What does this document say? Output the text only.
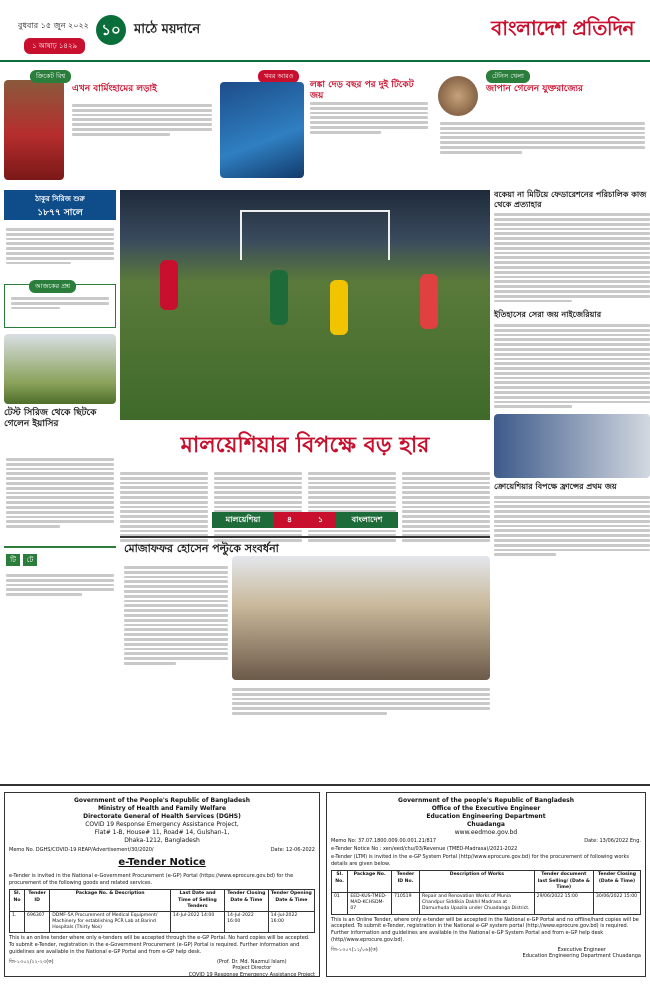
বুধবার ১৫ জুন ২০২২
১ আষাঢ় ১৪২৯
১০	মাঠে ময়দানে	বাংলাদেশ প্রতিদিন
ক্রিকেট বিশ্ব
এখন বার্মিংহামের লড়াই
খবর আরও
লঙ্কা দেড় বছর পর দুই টিকেট জয়
টেনিস খেলা
জাপান গেলেন যুক্তরাজ্যের
ঠাকুর সিরিজ শুরু
১৮৭৭ সালে
আজকের প্রশ্ন
টেস্ট সিরিজ থেকে ছিটকে গেলেন ইয়াসির
টি	টে
বকেয়া না মিটিয়ে ফেডারেশনের পরিচালিক কাজ থেকে প্রত্যাহার
ইতিহাসের সেরা জয় নাইজেরিয়ার
ক্রোয়েশিয়ার বিপক্ষে ফ্রান্সের প্রথম জয়
মালয়েশিয়ার বিপক্ষে বড় হার
মালয়েশিয়া	৪	১	বাংলাদেশ
মোজাফফর হোসেন পল্টুকে সংবর্ধনা
Government of the People's Republic of Bangladesh
Ministry of Health and Family Welfare
Directorate General of Health Services (DGHS)
COVID 19 Response Emergency Assistance Project,
Flat# 1-B, House# 11, Road# 14, Gulshan-1,
Dhaka-1212, Bangladesh
Memo No. DGHS/COVID-19 REAP/Advertisement/30/2020/	Date: 12-06-2022
e-Tender Notice
e-Tender is invited in the National e-Government Procurement (e-GP) Portal (https://www.eprocure.gov.bd) for the procurement of the following goods and related services.
Sl. No	Tender ID	Package No. & Description	Last Date and Time of Selling Tenders	Tender Closing Date & Time	Tender Opening Date & Time
1.	696307	DDMF-5A Procurement of Medical Equipment/ Machinery for establishing PCR Lab at Barind Hospitals (Thirty Nos)	14-Jul-2022 14:00	14-Jul-2022 16:00	14-Jul-2022 16:00
This is an online tender where only e-tenders will be accepted through the e-GP Portal. No hard copies will be accepted. To submit e-Tender, registration in the e-Government Procurement (e-GP) Portal is required. Further information and guidelines are available in the National e-GP Portal and from e-GP help desk.
জি-১৩০২/২২-২৩(ক)	(Prof. Dr. Md. Nazmul Islam)
Project Director
COVID 19 Response Emergency Assistance Project
Government of the people's Republic of Bangladesh
Office of the Executive Engineer
Education Engineering Department
Chuadanga
www.eedmoe.gov.bd
Memo No: 37.07.1800.009.00.001.21/817	Date: 13/06/2022 Eng.
e-Tender Notice No : xen/eed/chu/03/Revenue (TMED-Madrasa)/2021-2022
e-Tender (LTM) is invited in the e-GP System Portal (http//www.eprocure.gov.bd) for the procurement of following works details are given below.
Sl. No.	Package No.	Tender ID No.	Description of Works	Tender document last Selling/ (Date & Time)	Tender Closing (Date & Time)
01	EED-KUS-TMED-MAD-KCHSDM-07	710519	Repair and Renovation Works of Munia Chandpur Siddikia Dakhil Madrasa at Damurhuda Upazila under Chuadanga District.	29/06/2022 15:00	30/06/2022 15:00
This is an Online Tender, where only e-tender will be accepted in the National e-GP Portal and no offline/hard copies will be accepted. To submit e-Tender, registration in the National e-GP system portal (http://www.eprocure.gov.bd) is required. Further information and guidelines are available in the National e-GP System Portal and from e-GP help desk (http//www.eprocure.gov.bd).
জি-১৩০৭(১২/০৬)(ক)	Executive Engineer
Education Engineering Department Chuadanga
